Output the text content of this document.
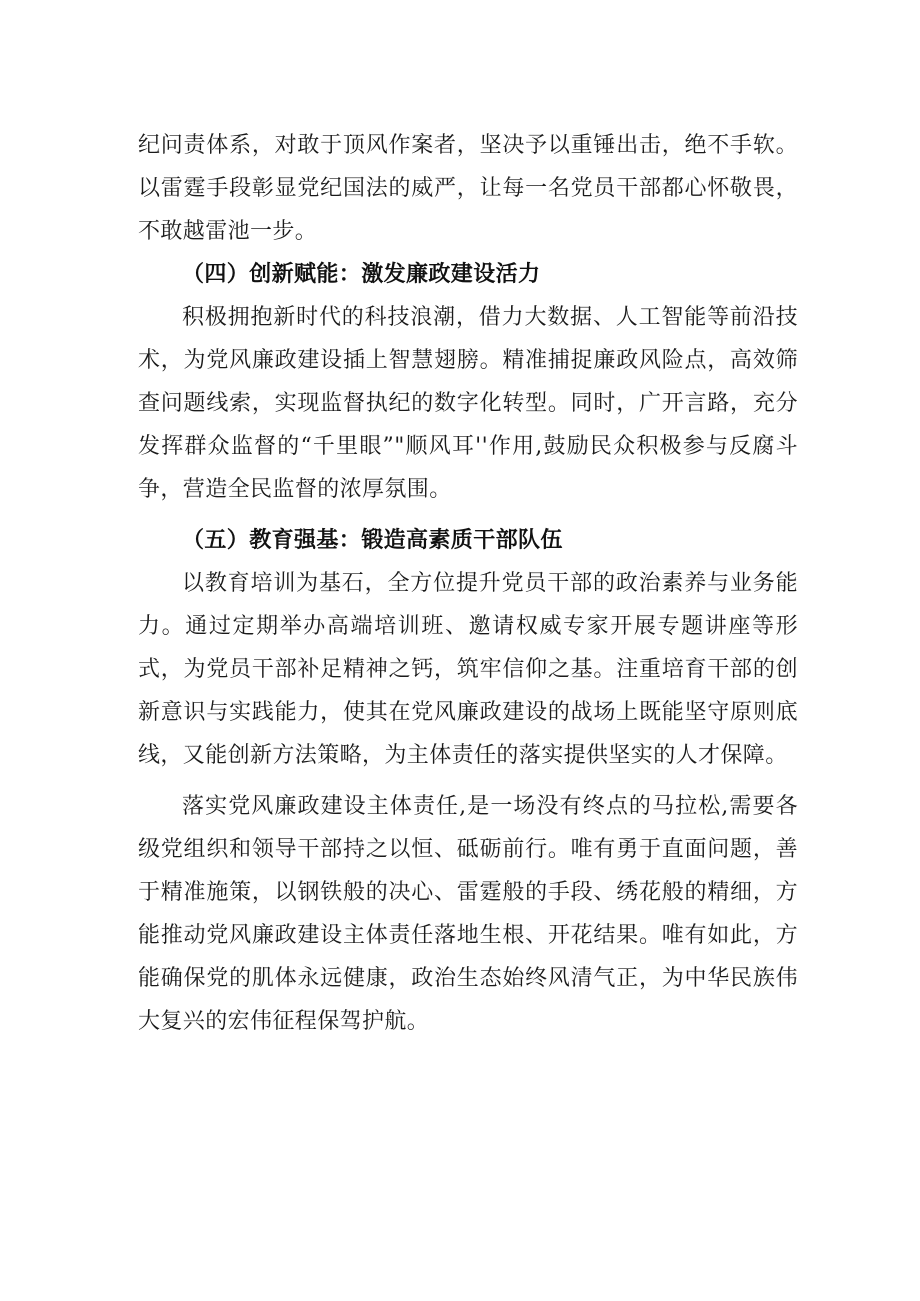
纪问责体系，对敢于顶风作案者，坚决予以重锤出击，绝不手软。以雷霆手段彰显党纪国法的威严，让每一名党员干部都心怀敬畏，不敢越雷池一步。

（四）创新赋能：激发廉政建设活力

积极拥抱新时代的科技浪潮，借力大数据、人工智能等前沿技术，为党风廉政建设插上智慧翅膀。精准捕捉廉政风险点，高效筛查问题线索，实现监督执纪的数字化转型。同时，广开言路，充分发挥群众监督的“千里眼”"顺风耳''作用,鼓励民众积极参与反腐斗争，营造全民监督的浓厚氛围。

（五）教育强基：锻造高素质干部队伍

以教育培训为基石，全方位提升党员干部的政治素养与业务能力。通过定期举办高端培训班、邀请权威专家开展专题讲座等形式，为党员干部补足精神之钙，筑牢信仰之基。注重培育干部的创新意识与实践能力，使其在党风廉政建设的战场上既能坚守原则底线，又能创新方法策略，为主体责任的落实提供坚实的人才保障。

落实党风廉政建设主体责任,是一场没有终点的马拉松,需要各级党组织和领导干部持之以恒、砥砺前行。唯有勇于直面问题，善于精准施策，以钢铁般的决心、雷霆般的手段、绣花般的精细，方能推动党风廉政建设主体责任落地生根、开花结果。唯有如此，方能确保党的肌体永远健康，政治生态始终风清气正，为中华民族伟大复兴的宏伟征程保驾护航。
